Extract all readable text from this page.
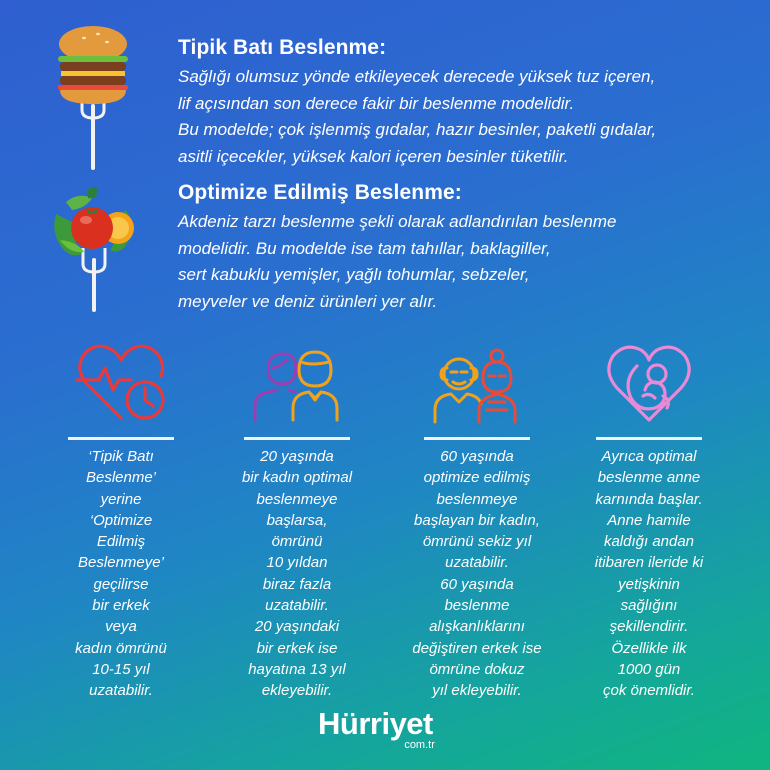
Tipik Batı Beslenme:
Sağlığı olumsuz yönde etkileyecek derecede yüksek tuz içeren,
lif açısından son derece fakir bir beslenme modelidir.
Bu modelde; çok işlenmiş gıdalar, hazır besinler, paketli gıdalar,
asitli içecekler, yüksek kalori içeren besinler tüketilir.
Optimize Edilmiş Beslenme:
Akdeniz tarzı beslenme şekli olarak adlandırılan beslenme
modelidir. Bu modelde ise tam tahıllar, baklagiller,
sert kabuklu yemişler, yağlı tohumlar, sebzeler,
meyveler ve deniz ürünleri yer alır.
‘Tipik Batı
Beslenme’
yerine
‘Optimize
Edilmiş
Beslenmeye’
geçilirse
bir erkek
veya
kadın ömrünü
10-15 yıl
uzatabilir.
20 yaşında
bir kadın optimal
beslenmeye
başlarsa,
ömrünü
10 yıldan
biraz fazla
uzatabilir.
20 yaşındaki
bir erkek ise
hayatına 13 yıl
ekleyebilir.
60 yaşında
optimize edilmiş
beslenmeye
başlayan bir kadın,
ömrünü sekiz yıl
uzatabilir.
60 yaşında
beslenme
alışkanlıklarını
değiştiren erkek ise
ömrüne dokuz
yıl ekleyebilir.
Ayrıca optimal
beslenme anne
karnında başlar.
Anne hamile
kaldığı andan
itibaren ileride ki
yetişkinin
sağlığını
şekillendirir.
Özellikle ilk
1000 gün
çok önemlidir.
Hürriyet
com.tr
